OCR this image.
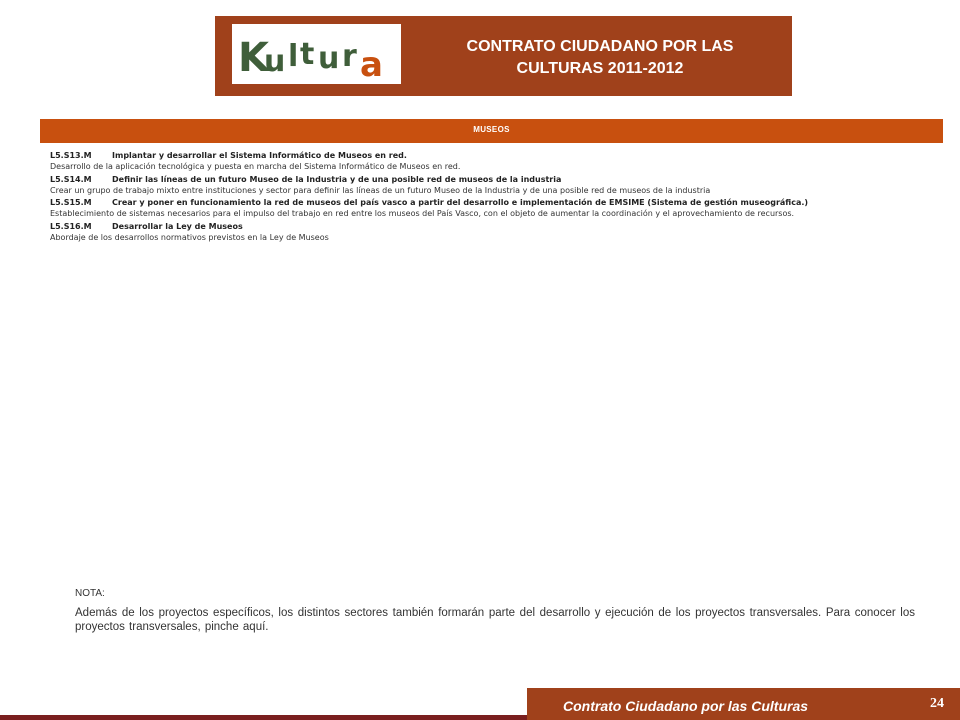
K
u l t u r a	CONTRATO CIUDADANO POR LAS
CULTURAS 2011-2012
MUSEOS
L5.S13.M	Implantar y desarrollar el Sistema Informático de Museos en red.
Desarrollo de la aplicación tecnológica y puesta en marcha del Sistema Informático de Museos en red.
L5.S14.M	Definir las líneas de un futuro Museo de la Industria y de una posible red de museos de la industria
Crear un grupo de trabajo mixto entre instituciones y sector para definir las líneas de un futuro Museo de la Industria y de una posible red de museos de la industria
L5.S15.M	Crear y poner en funcionamiento la red de museos del país vasco a partir del desarrollo e implementación de EMSIME (Sistema de gestión museográfica.)
Establecimiento de sistemas necesarios para el impulso del trabajo en red entre los museos del País Vasco, con el objeto de aumentar la coordinación y el aprovechamiento de recursos.
L5.S16.M	Desarrollar la Ley de Museos
Abordaje de los desarrollos normativos previstos en la Ley de Museos
NOTA:
Además de los proyectos específicos, los distintos sectores también formarán parte del desarrollo y ejecución de los proyectos transversales. Para conocer los proyectos transversales, pinche aquí.
Contrato Ciudadano por las Culturas	24
